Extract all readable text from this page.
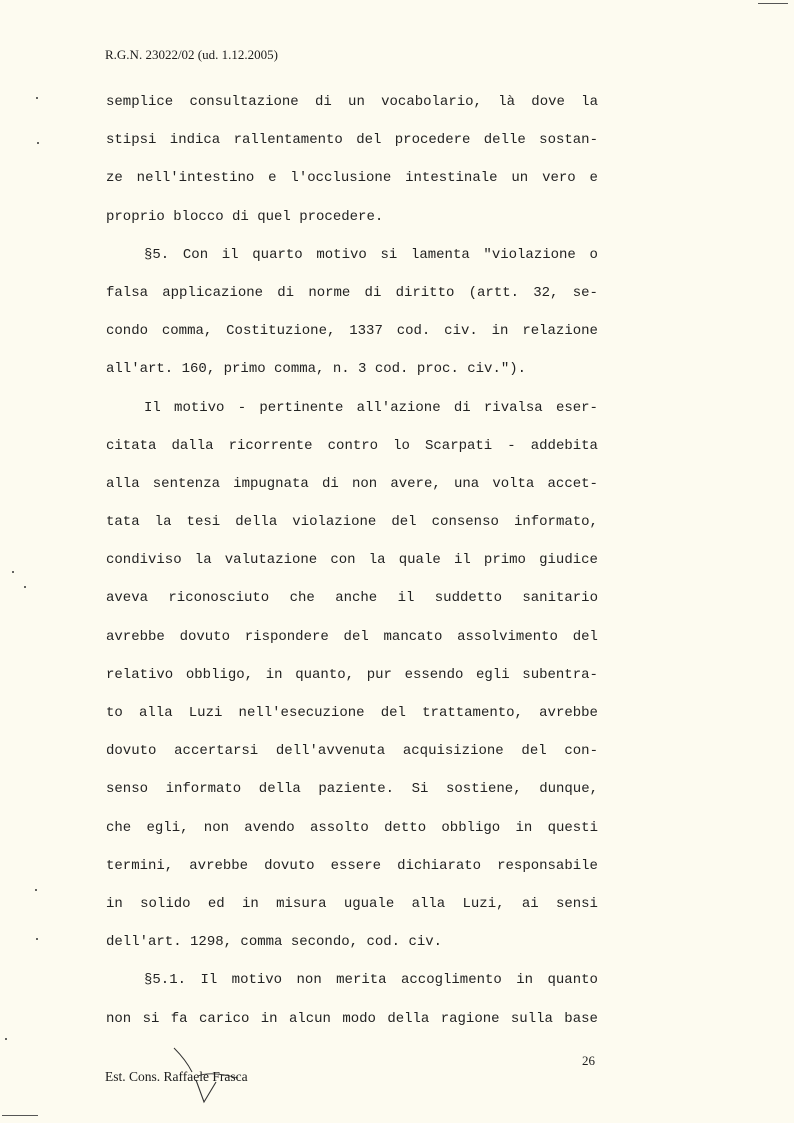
R.G.N. 23022/02 (ud. 1.12.2005)
semplice consultazione di un vocabolario, là dove la
stipsi indica rallentamento del procedere delle sostan-
ze nell'intestino e l'occlusione intestinale un vero e
proprio blocco di quel procedere.
§5. Con il quarto motivo si lamenta "violazione o
falsa applicazione di norme di diritto (artt. 32, se-
condo comma, Costituzione, 1337 cod. civ. in relazione
all'art. 160, primo comma, n. 3 cod. proc. civ.").
Il motivo - pertinente all'azione di rivalsa eser-
citata dalla ricorrente contro lo Scarpati - addebita
alla sentenza impugnata di non avere, una volta accet-
tata la tesi della violazione del consenso informato,
condiviso la valutazione con la quale il primo giudice
aveva riconosciuto che anche il suddetto sanitario
avrebbe dovuto rispondere del mancato assolvimento del
relativo obbligo, in quanto, pur essendo egli subentra-
to alla Luzi nell'esecuzione del trattamento, avrebbe
dovuto accertarsi dell'avvenuta acquisizione del con-
senso informato della paziente. Si sostiene, dunque,
che egli, non avendo assolto detto obbligo in questi
termini, avrebbe dovuto essere dichiarato responsabile
in solido ed in misura uguale alla Luzi, ai sensi
dell'art. 1298, comma secondo, cod. civ.
§5.1. Il motivo non merita accoglimento in quanto
non si fa carico in alcun modo della ragione sulla base
26
Est. Cons. Raffaele Frasca
